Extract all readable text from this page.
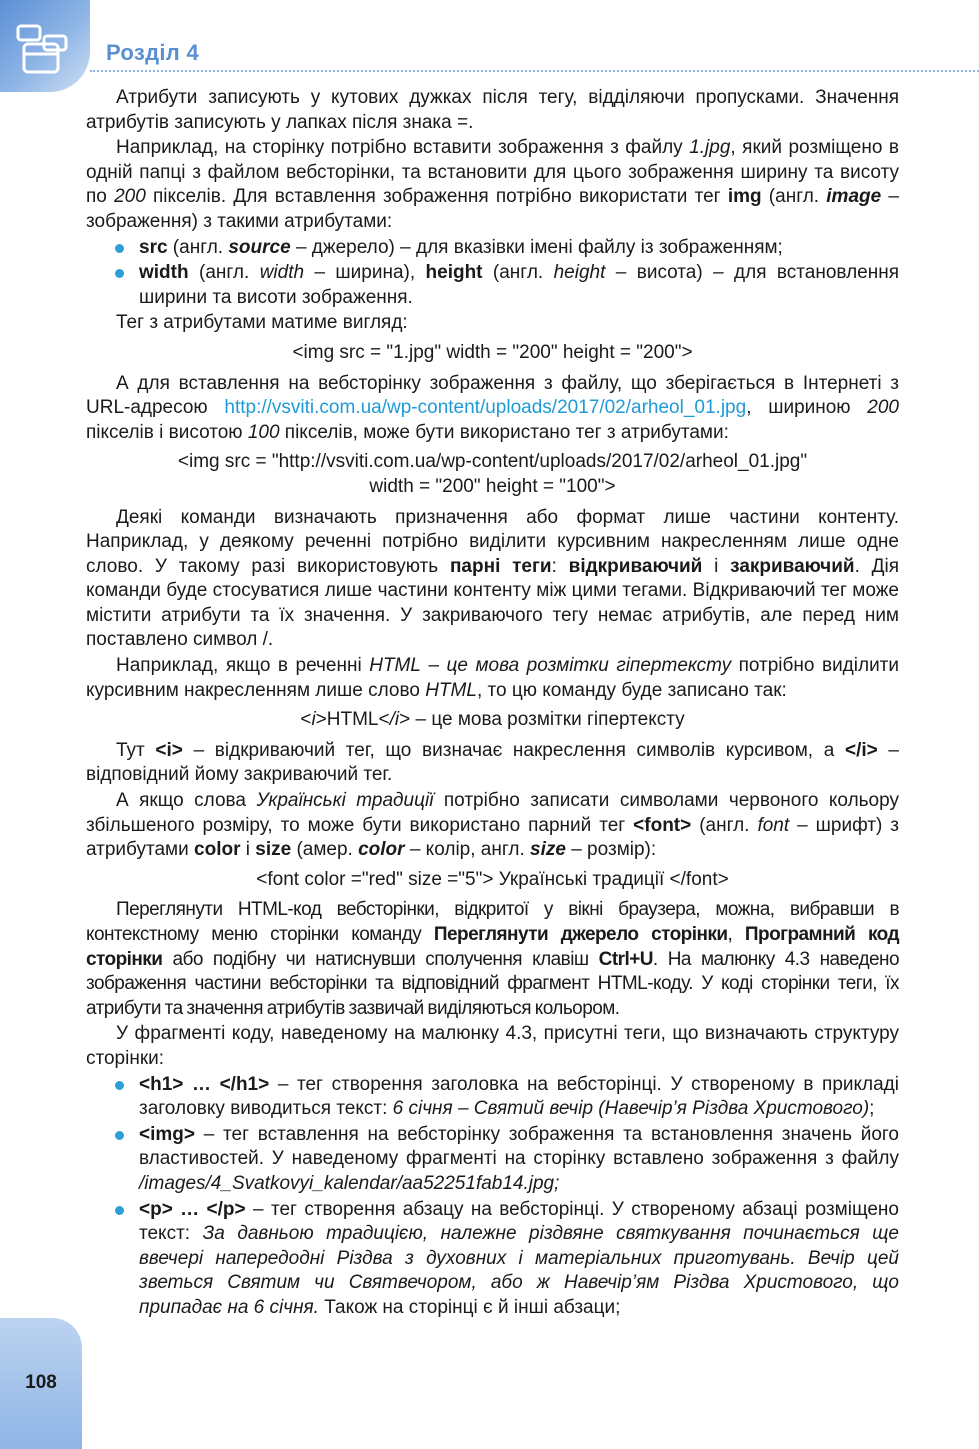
Розділ 4

Атрибути записують у кутових дужках після тегу, відділяючи пропусками. Значення атрибутів записують у лапках після знака =.

Наприклад, на сторінку потрібно вставити зображення з файлу 1.jpg, який розміщено в одній папці з файлом вебсторінки, та встановити для цього зображення ширину та висоту по 200 пікселів. Для вставлення зображення потрібно використати тег img (англ. image – зображення) з такими атрибутами:

src (англ. source – джерело) – для вказівки імені файлу із зображенням;
width (англ. width – ширина), height (англ. height – висота) – для встановлення ширини та висоти зображення.

Тег з атрибутами матиме вигляд:

<img src = "1.jpg" width = "200" height = "200">

А для вставлення на вебсторінку зображення з файлу, що зберігається в Інтернеті з URL-адресою http://vsviti.com.ua/wp-content/uploads/2017/02/arheol_01.jpg, шириною 200 пікселів і висотою 100 пікселів, може бути використано тег з атрибутами:

<img src = "http://vsviti.com.ua/wp-content/uploads/2017/02/arheol_01.jpg"
width = "200" height = "100">

Деякі команди визначають призначення або формат лише частини контенту. Наприклад, у деякому реченні потрібно виділити курсивним накресленням лише одне слово. У такому разі використовують парні теги: відкриваючий і закриваючий. Дія команди буде стосуватися лише частини контенту між цими тегами. Відкриваючий тег може містити атрибути та їх значення. У закриваючого тегу немає атрибутів, але перед ним поставлено символ /.

Наприклад, якщо в реченні HTML – це мова розмітки гіпертексту потрібно виділити курсивним накресленням лише слово HTML, то цю команду буде записано так:

<i>HTML</i> – це мова розмітки гіпертексту

Тут <i> – відкриваючий тег, що визначає накреслення символів курсивом, а </i> – відповідний йому закриваючий тег.

А якщо слова Українські традиції потрібно записати символами червоного кольору збільшеного розміру, то може бути використано парний тег <font> (англ. font – шрифт) з атрибутами color і size (амер. color – колір, англ. size – розмір):

<font color ="red" size ="5"> Українські традиції </font>

Переглянути HTML-код вебсторінки, відкритої у вікні браузера, можна, вибравши в контекстному меню сторінки команду Переглянути джерело сторінки, Програмний код сторінки або подібну чи натиснувши сполучення клавіш Ctrl+U. На малюнку 4.3 наведено зображення частини вебсторінки та відповідний фрагмент HTML-коду. У коді сторінки теги, їх атрибути та значення атрибутів зазвичай виділяються кольором.

У фрагменті коду, наведеному на малюнку 4.3, присутні теги, що визначають структуру сторінки:

<h1> … </h1> – тег створення заголовка на вебсторінці. У створеному в прикладі заголовку виводиться текст: 6 січня – Святий вечір (Навечір’я Різдва Христового);
<img> – тег вставлення на вебсторінку зображення та встановлення значень його властивостей. У наведеному фрагменті на сторінку вставлено зображення з файлу /images/4_Svatkovyi_kalendar/aa52251fab14.jpg;
<p> … </p> – тег створення абзацу на вебсторінці. У створеному абзаці розміщено текст: За давньою традицією, належне різдвяне святкування починається ще ввечері напередодні Різдва з духовних і матеріальних приготувань. Вечір цей зветься Святим чи Святвечором, або ж Навечір’ям Різдва Христового, що припадає на 6 січня. Також на сторінці є й інші абзаци;
108
